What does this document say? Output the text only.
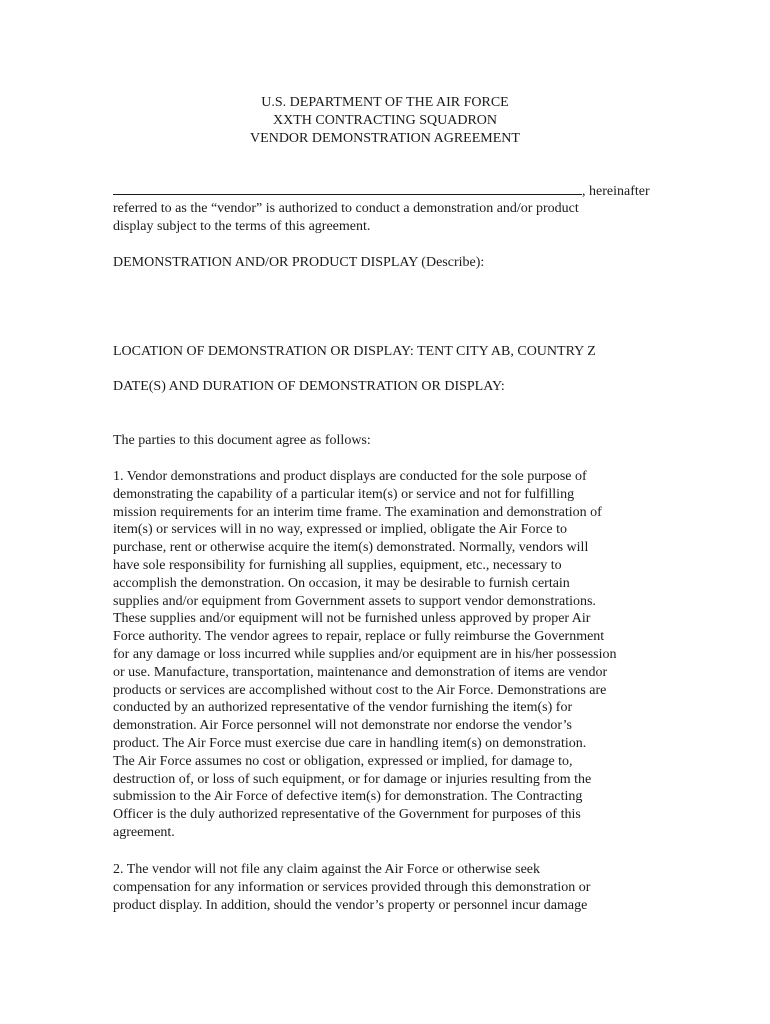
U.S. DEPARTMENT OF THE AIR FORCE
XXTH CONTRACTING SQUADRON
VENDOR DEMONSTRATION AGREEMENT
, hereinafter
referred to as the “vendor” is authorized to conduct a demonstration and/or product
display subject to the terms of this agreement.
DEMONSTRATION AND/OR PRODUCT DISPLAY (Describe):
LOCATION OF DEMONSTRATION OR DISPLAY: TENT CITY AB, COUNTRY Z
DATE(S) AND DURATION OF DEMONSTRATION OR DISPLAY:
The parties to this document agree as follows:
1. Vendor demonstrations and product displays are conducted for the sole purpose of
demonstrating the capability of a particular item(s) or service and not for fulfilling
mission requirements for an interim time frame. The examination and demonstration of
item(s) or services will in no way, expressed or implied, obligate the Air Force to
purchase, rent or otherwise acquire the item(s) demonstrated. Normally, vendors will
have sole responsibility for furnishing all supplies, equipment, etc., necessary to
accomplish the demonstration. On occasion, it may be desirable to furnish certain
supplies and/or equipment from Government assets to support vendor demonstrations.
These supplies and/or equipment will not be furnished unless approved by proper Air
Force authority. The vendor agrees to repair, replace or fully reimburse the Government
for any damage or loss incurred while supplies and/or equipment are in his/her possession
or use. Manufacture, transportation, maintenance and demonstration of items are vendor
products or services are accomplished without cost to the Air Force. Demonstrations are
conducted by an authorized representative of the vendor furnishing the item(s) for
demonstration. Air Force personnel will not demonstrate nor endorse the vendor’s
product. The Air Force must exercise due care in handling item(s) on demonstration.
The Air Force assumes no cost or obligation, expressed or implied, for damage to,
destruction of, or loss of such equipment, or for damage or injuries resulting from the
submission to the Air Force of defective item(s) for demonstration. The Contracting
Officer is the duly authorized representative of the Government for purposes of this
agreement.
2. The vendor will not file any claim against the Air Force or otherwise seek
compensation for any information or services provided through this demonstration or
product display. In addition, should the vendor’s property or personnel incur damage
